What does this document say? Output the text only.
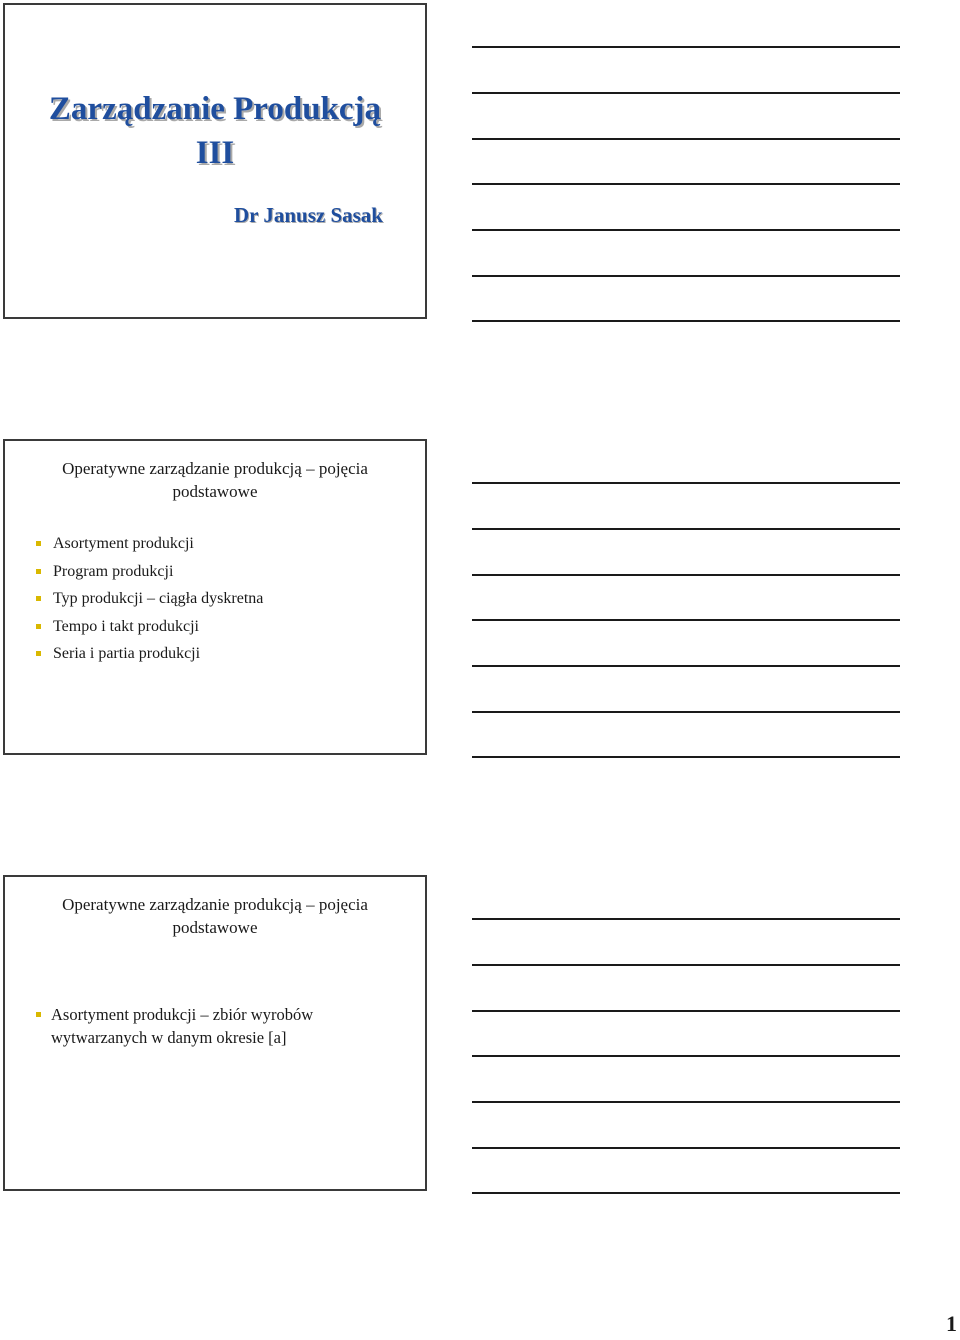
Zarządzanie Produkcją
III
Dr Janusz Sasak
Operatywne zarządzanie produkcją – pojęcia
podstawowe
Asortyment produkcji
Program produkcji
Typ produkcji – ciągła dyskretna
Tempo i takt produkcji
Seria i partia produkcji
Operatywne zarządzanie produkcją – pojęcia
podstawowe
Asortyment produkcji – zbiór wyrobów
wytwarzanych w danym okresie [a]
1
